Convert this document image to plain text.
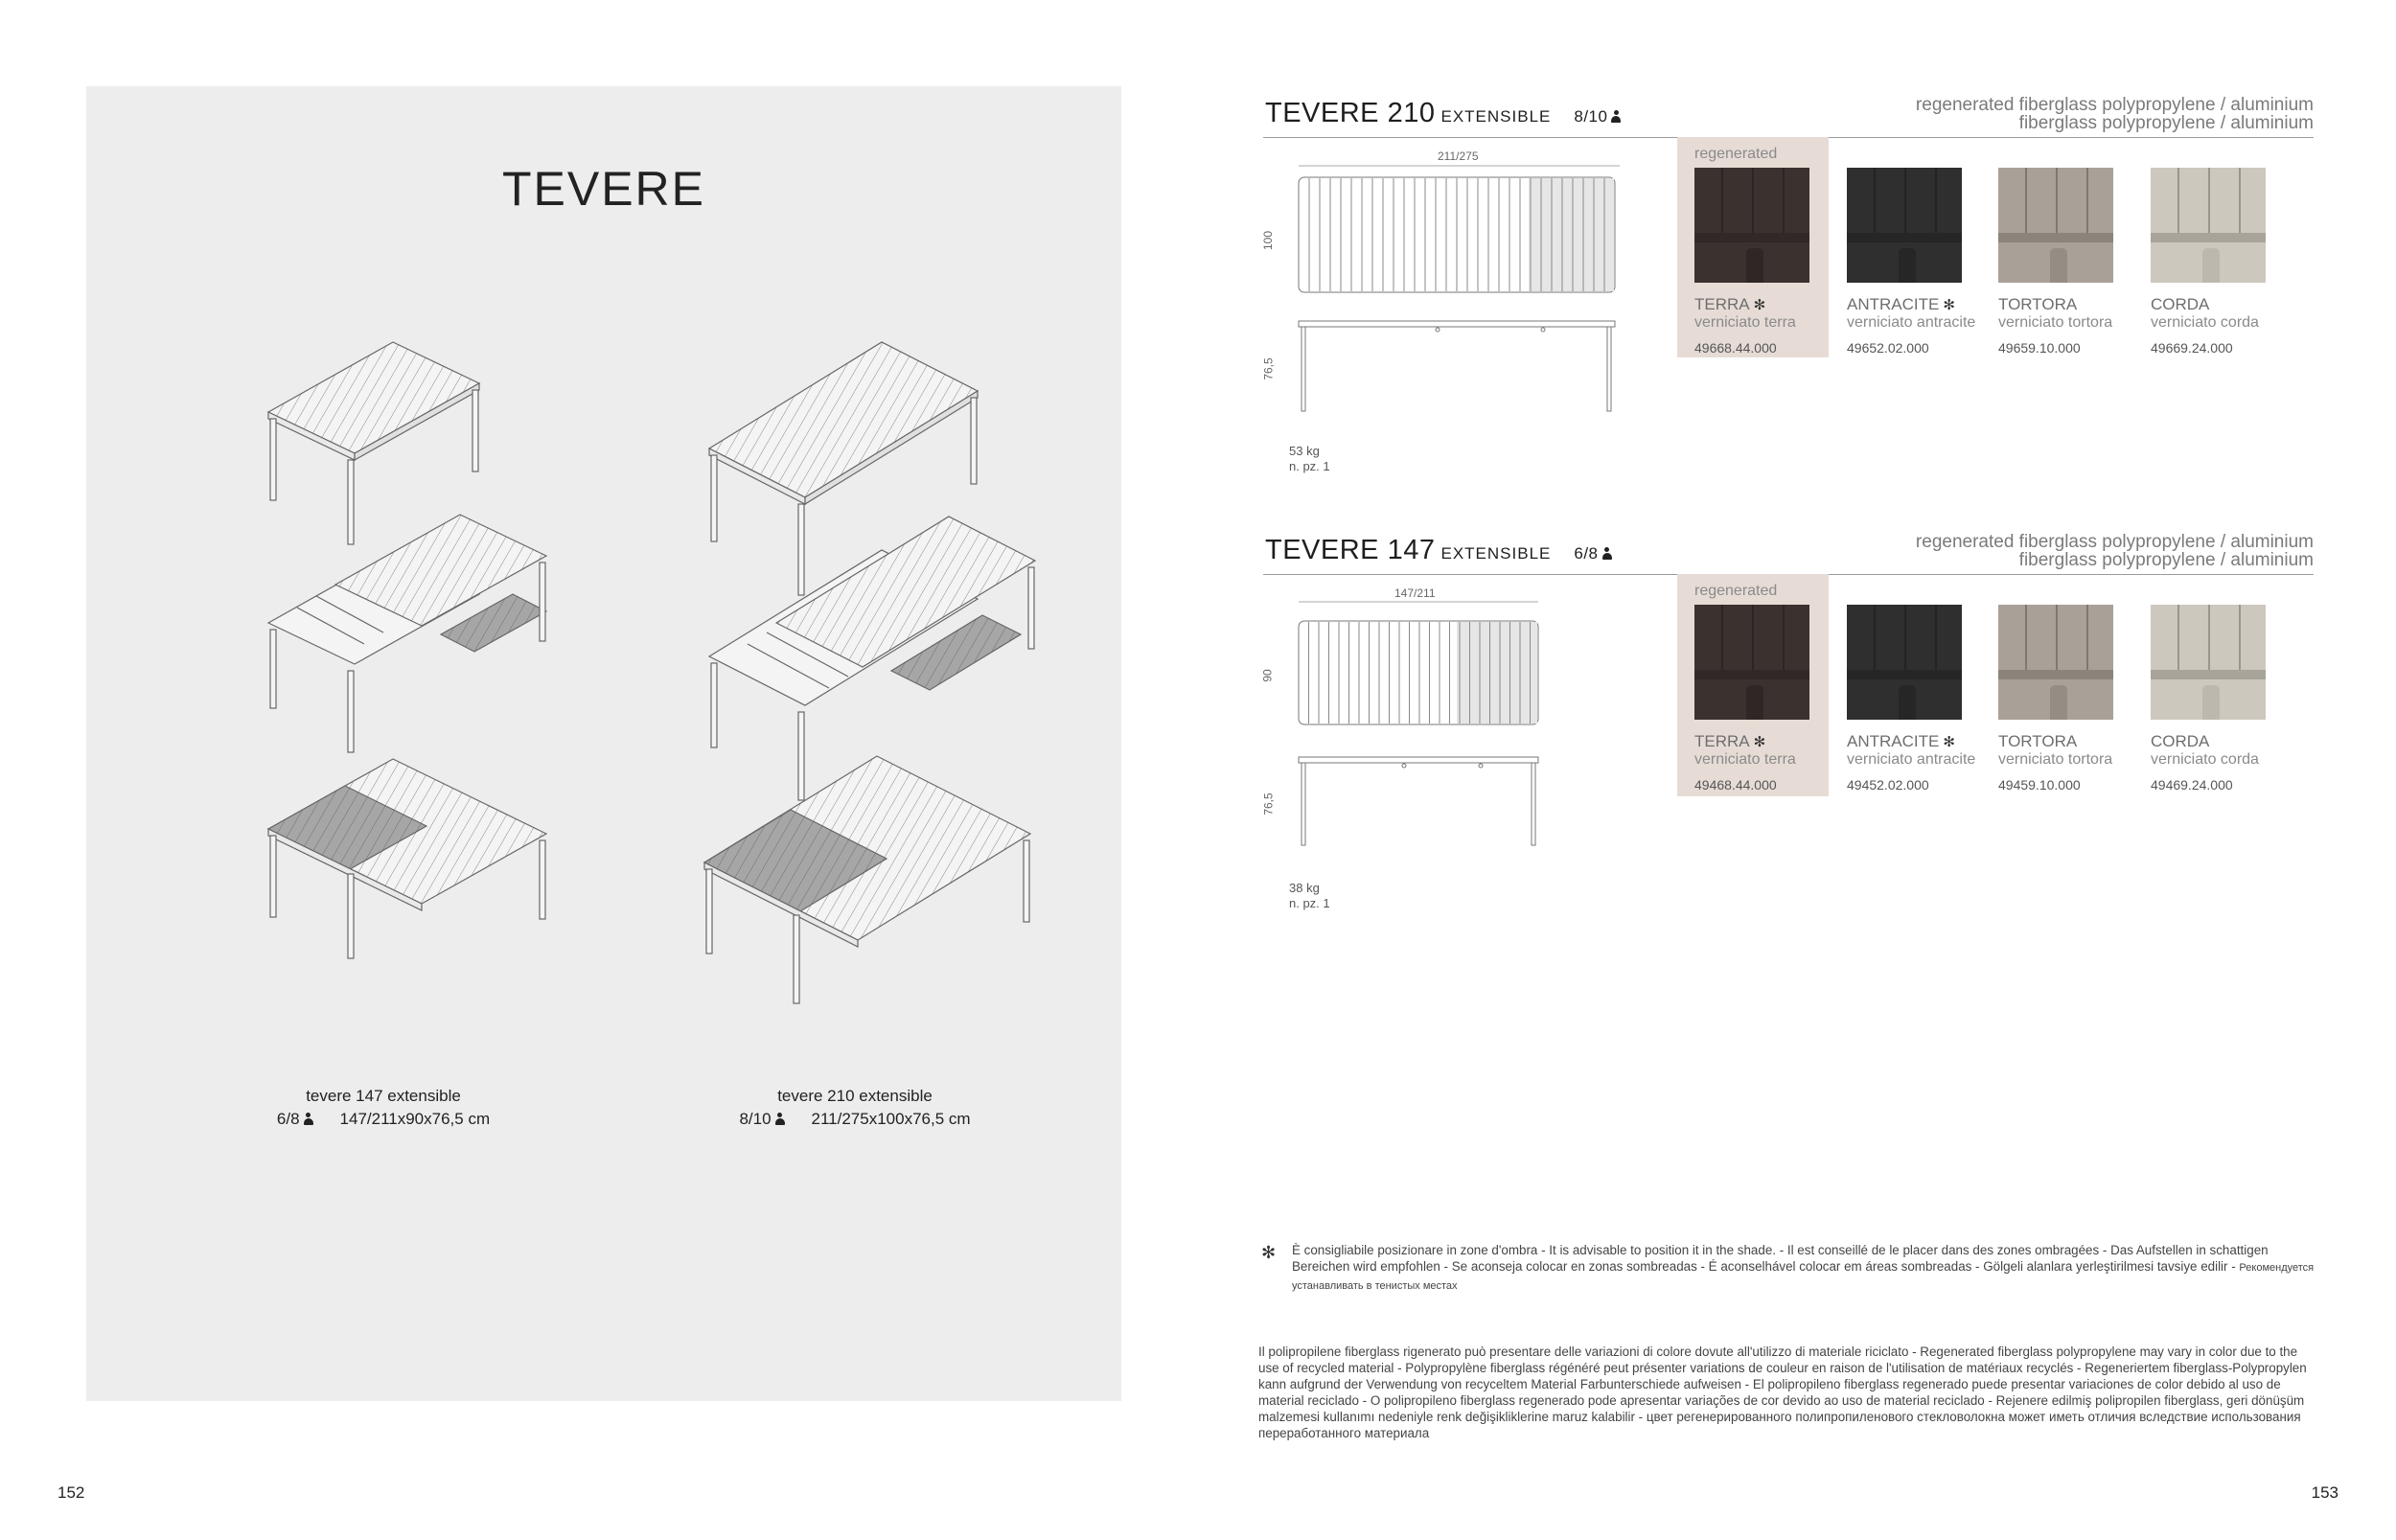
TEVERE
tevere 147 extensible
6/8	147/211x90x76,5 cm
tevere 210 extensible
8/10	211/275x100x76,5 cm
152
TEVERE 210 EXTENSIBLE 8/10
regenerated fiberglass polypropylene / aluminium
fiberglass polypropylene / aluminium
211/275
100
76,5
53 kg
n. pz. 1
regenerated
TERRA ✻
verniciato terra
49668.44.000
ANTRACITE ✻
verniciato antracite
49652.02.000
TORTORA
verniciato tortora
49659.10.000
CORDA
verniciato corda
49669.24.000
TEVERE 147 EXTENSIBLE 6/8
regenerated fiberglass polypropylene / aluminium
fiberglass polypropylene / aluminium
147/211
90
76,5
38 kg
n. pz. 1
regenerated
TERRA ✻
verniciato terra
49468.44.000
ANTRACITE ✻
verniciato antracite
49452.02.000
TORTORA
verniciato tortora
49459.10.000
CORDA
verniciato corda
49469.24.000
✻ È consigliabile posizionare in zone d'ombra - It is advisable to position it in the shade. - Il est conseillé de le placer dans des zones ombragées - Das Aufstellen in schattigen Bereichen wird empfohlen - Se aconseja colocar en zonas sombreadas - É aconselhável colocar em áreas sombreadas - Gölgeli alanlara yerleştirilmesi tavsiye edilir - Рекомендуется устанавливать в тенистых местах
Il polipropilene fiberglass rigenerato può presentare delle variazioni di colore dovute all'utilizzo di materiale riciclato - Regenerated fiberglass polypropylene may vary in color due to the use of recycled material - Polypropylène fiberglass régénéré peut présenter variations de couleur en raison de l'utilisation de matériaux recyclés - Regeneriertem fiberglass-Polypropylen kann aufgrund der Verwendung von recyceltem Material Farbunterschiede aufweisen - El polipropileno fiberglass regenerado puede presentar variaciones de color debido al uso de material reciclado - O polipropileno fiberglass regenerado pode apresentar variações de cor devido ao uso de material reciclado - Rejenere edilmiş polipropilen fiberglass, geri dönüşüm malzemesi kullanımı nedeniyle renk değişikliklerine maruz kalabilir - цвет регенерированного полипропиленового стекловолокна может иметь отличия вследствие использования переработанного материала
153
